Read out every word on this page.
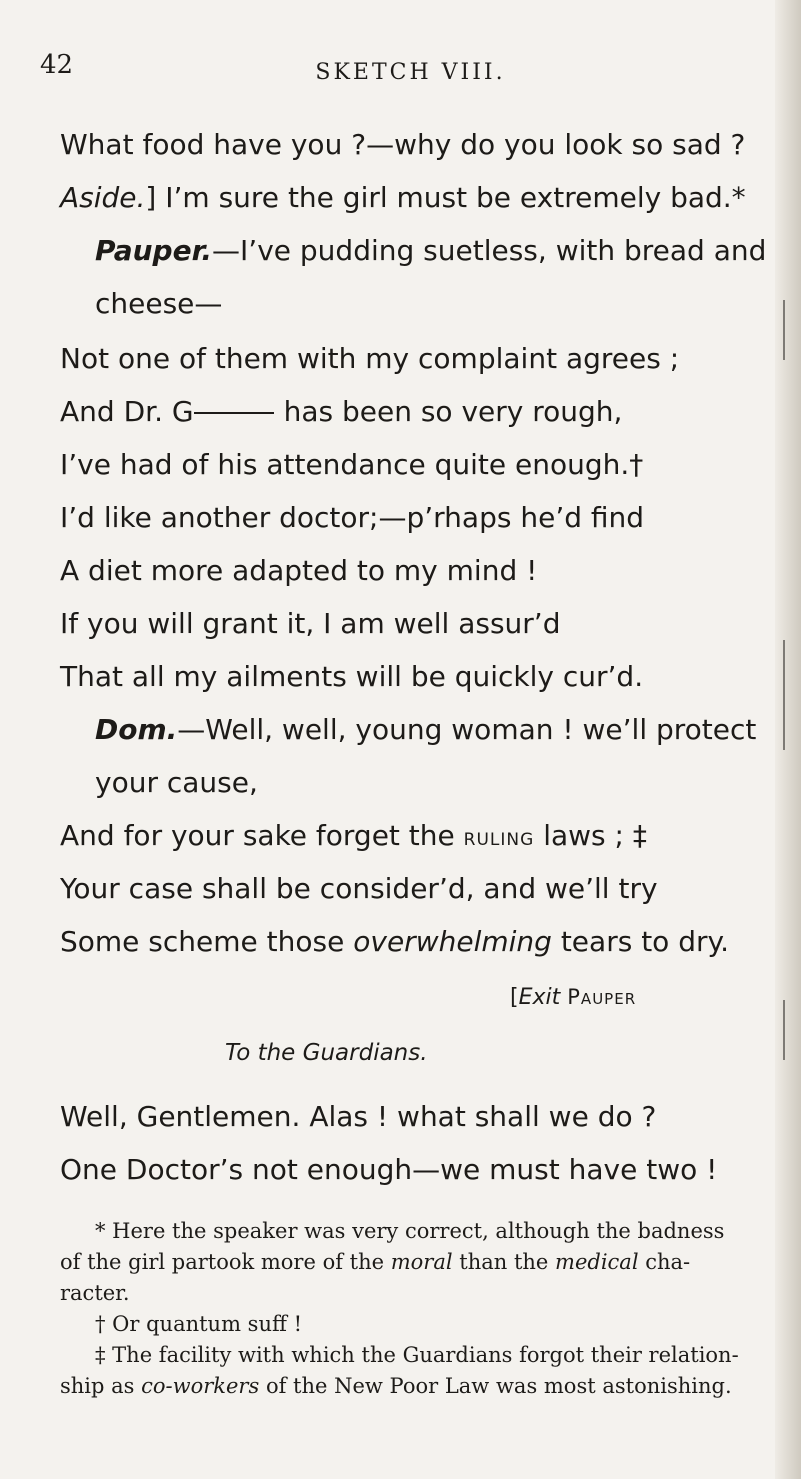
42	SKETCH VIII.
What food have you ?—why do you look so sad ?
Aside.] I’m sure the girl must be extremely bad.*
Pauper.—I’ve pudding suetless, with bread and
cheese—
Not one of them with my complaint agrees ;
And Dr. G	has been so very rough,
I’ve had of his attendance quite enough.†
I’d like another doctor;—p’rhaps he’d find
A diet more adapted to my mind !
If you will grant it, I am well assur’d
That all my ailments will be quickly cur’d.
Dom.—Well, well, young woman ! we’ll protect
your cause,
And for your sake forget the ruling laws ; ‡
Your case shall be consider’d, and we’ll try
Some scheme those overwhelming tears to dry.
[Exit Pauper
To the Guardians.
Well, Gentlemen. Alas ! what shall we do ?
One Doctor’s not enough—we must have two !
* Here the speaker was very correct, although the badness
of the girl partook more of the moral than the medical cha-
racter.
† Or quantum suff !
‡ The facility with which the Guardians forgot their relation-
ship as co-workers of the New Poor Law was most astonishing.
